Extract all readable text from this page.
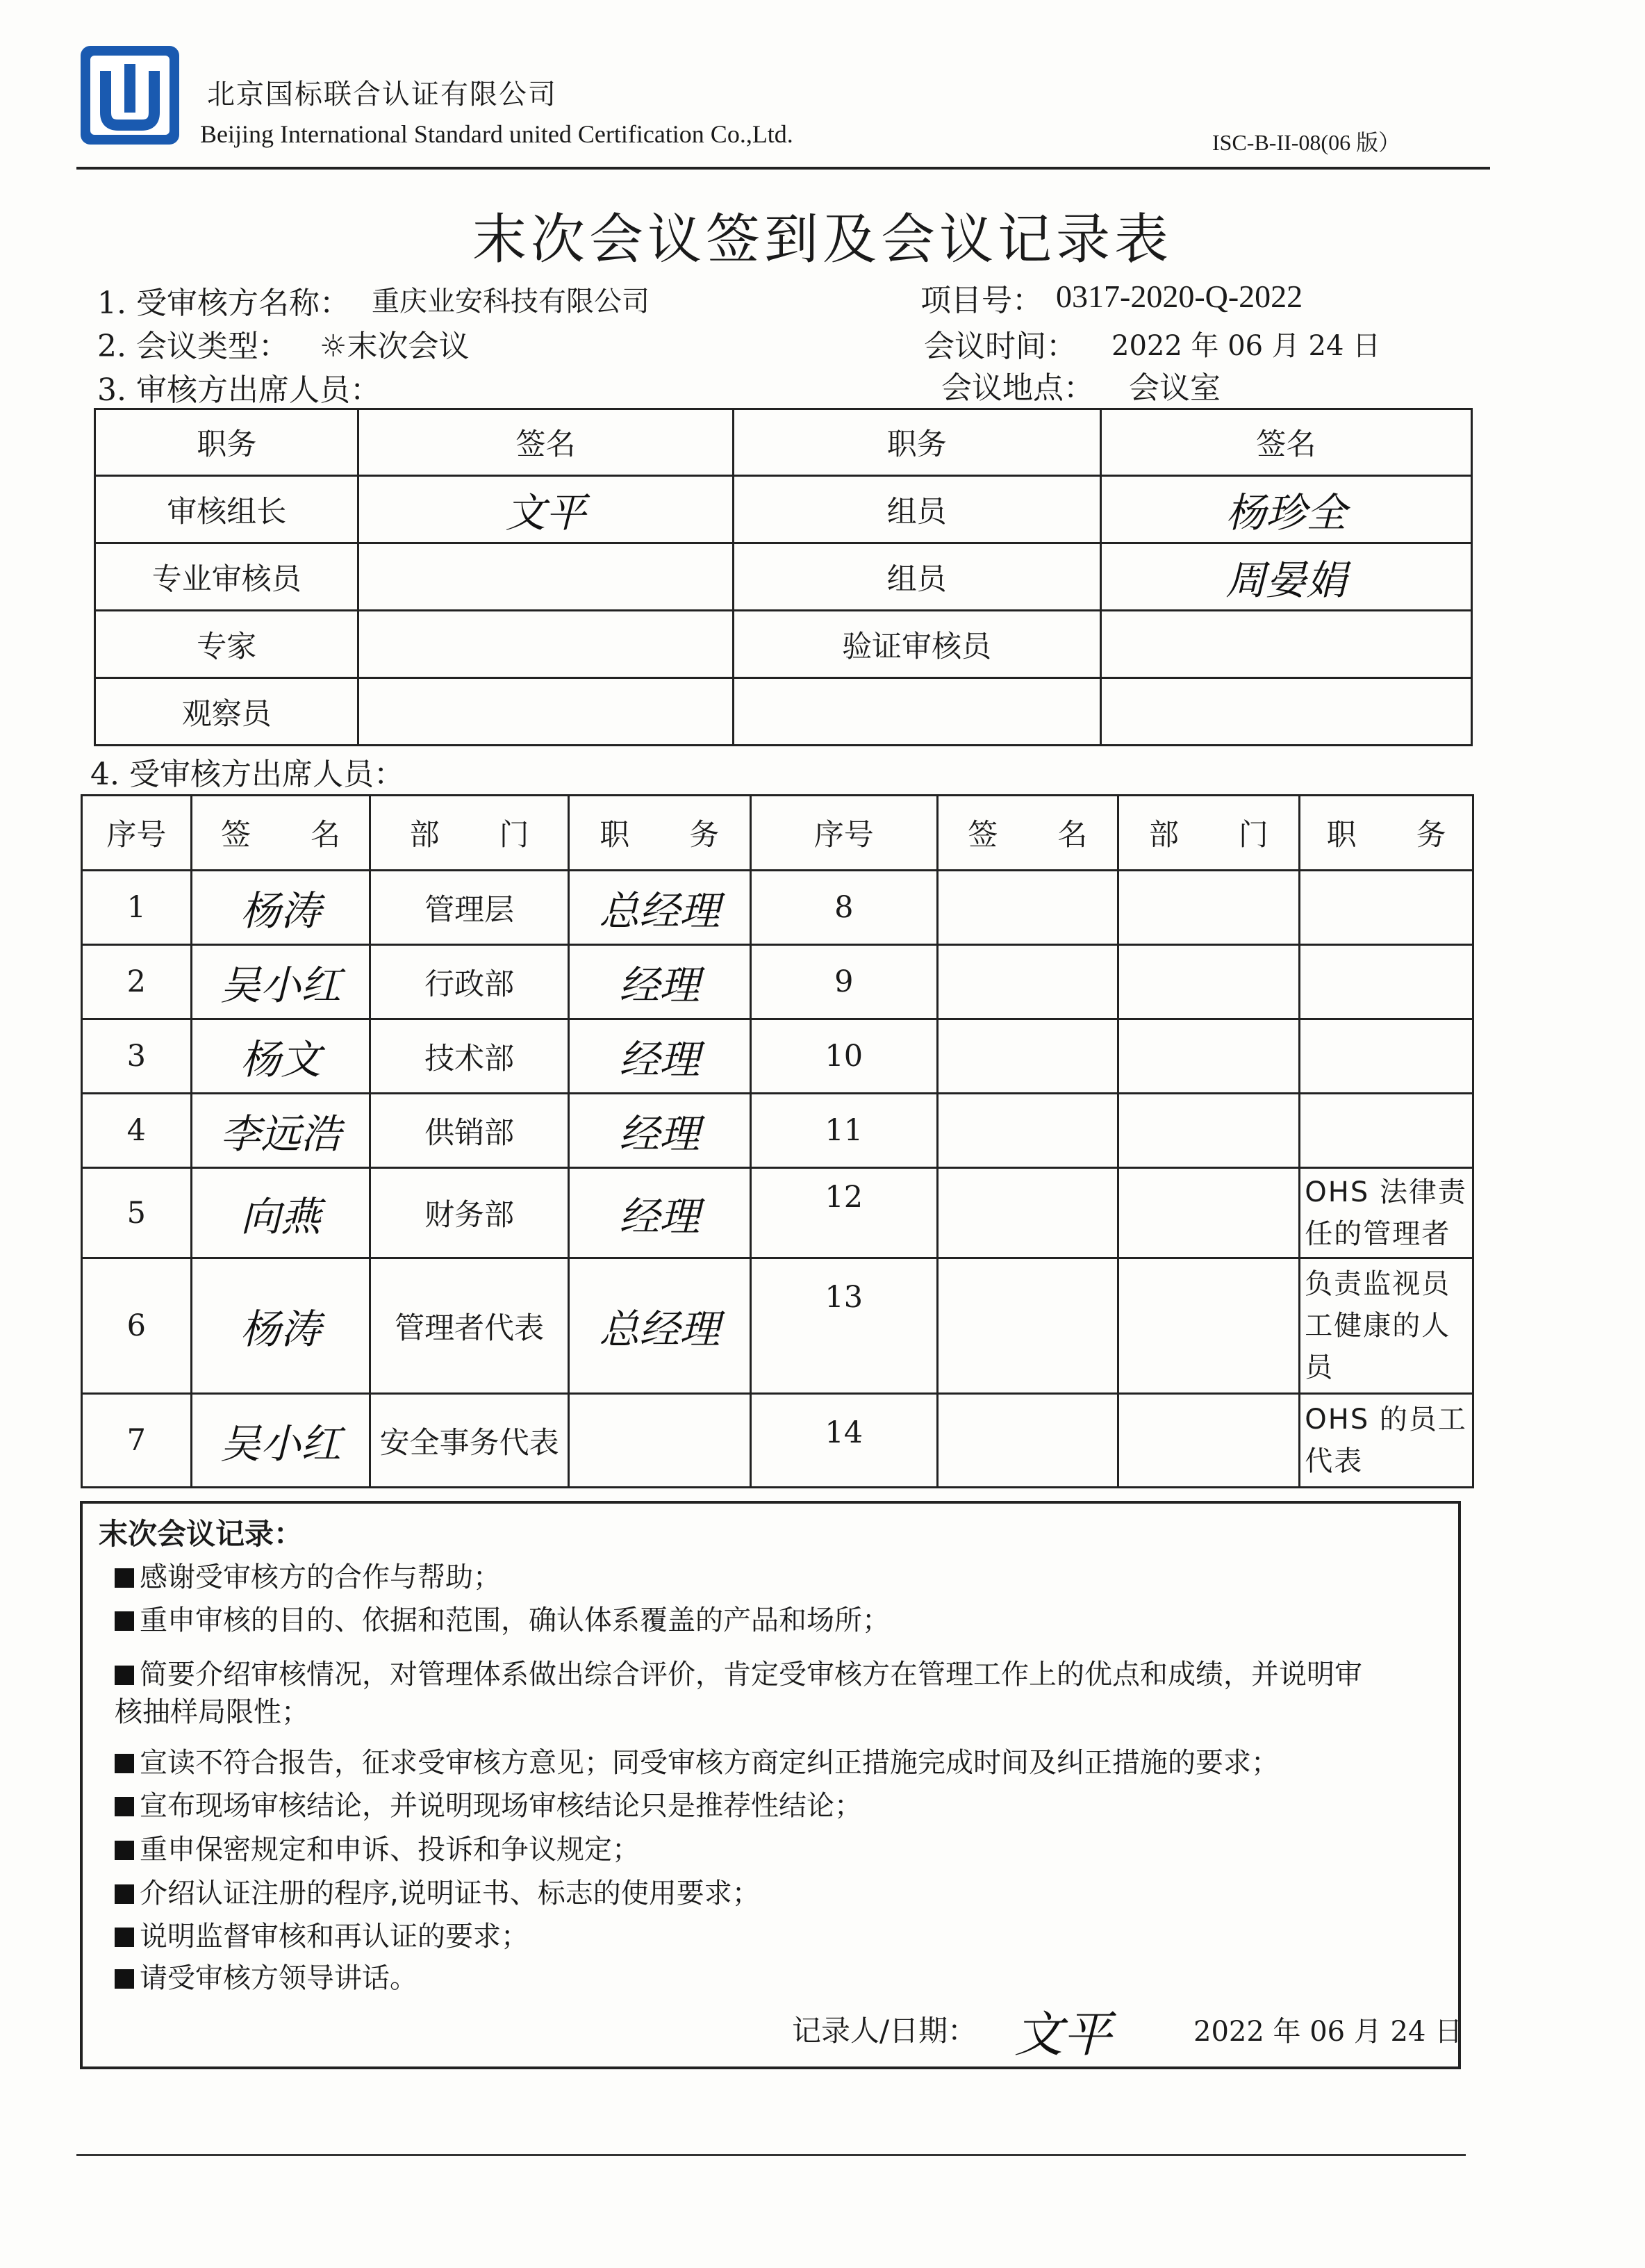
北京国标联合认证有限公司
Beijing International Standard united Certification Co.,Ltd.	ISC-B-II-08(06 版）
末次会议签到及会议记录表
1. 受审核方名称： 重庆业安科技有限公司	项目号： 0317-2020-Q-2022
2. 会议类型： ☼末次会议	会议时间： 2022 年 06 月 24 日
3. 审核方出席人员：	会议地点： 会议室
职务	签名	职务	签名
审核组长	文平	组员	杨珍全
专业审核员		组员	周晏娟
专家		验证审核员	
观察员			
4. 受审核方出席人员：
序号	签　　名	部　　门	职　　务	序号	签　　名	部　　门	职　　务
1	杨涛	管理层	总经理	8			
2	吴小红	行政部	经理	9			
3	杨文	技术部	经理	10			
4	李远浩	供销部	经理	11			
5	向燕	财务部	经理	12			OHS 法律责任的管理者
6	杨涛	管理者代表	总经理	13			负责监视员工健康的人员
7	吴小红	安全事务代表		14			OHS 的员工代表
末次会议记录：
感谢受审核方的合作与帮助；
重申审核的目的、依据和范围，确认体系覆盖的产品和场所；
简要介绍审核情况，对管理体系做出综合评价，肯定受审核方在管理工作上的优点和成绩，并说明审
核抽样局限性；
宣读不符合报告，征求受审核方意见；同受审核方商定纠正措施完成时间及纠正措施的要求；
宣布现场审核结论，并说明现场审核结论只是推荐性结论；
重申保密规定和申诉、投诉和争议规定；
介绍认证注册的程序,说明证书、标志的使用要求；
说明监督审核和再认证的要求；
请受审核方领导讲话。
记录人/日期： 文平	2022 年 06 月 24 日
